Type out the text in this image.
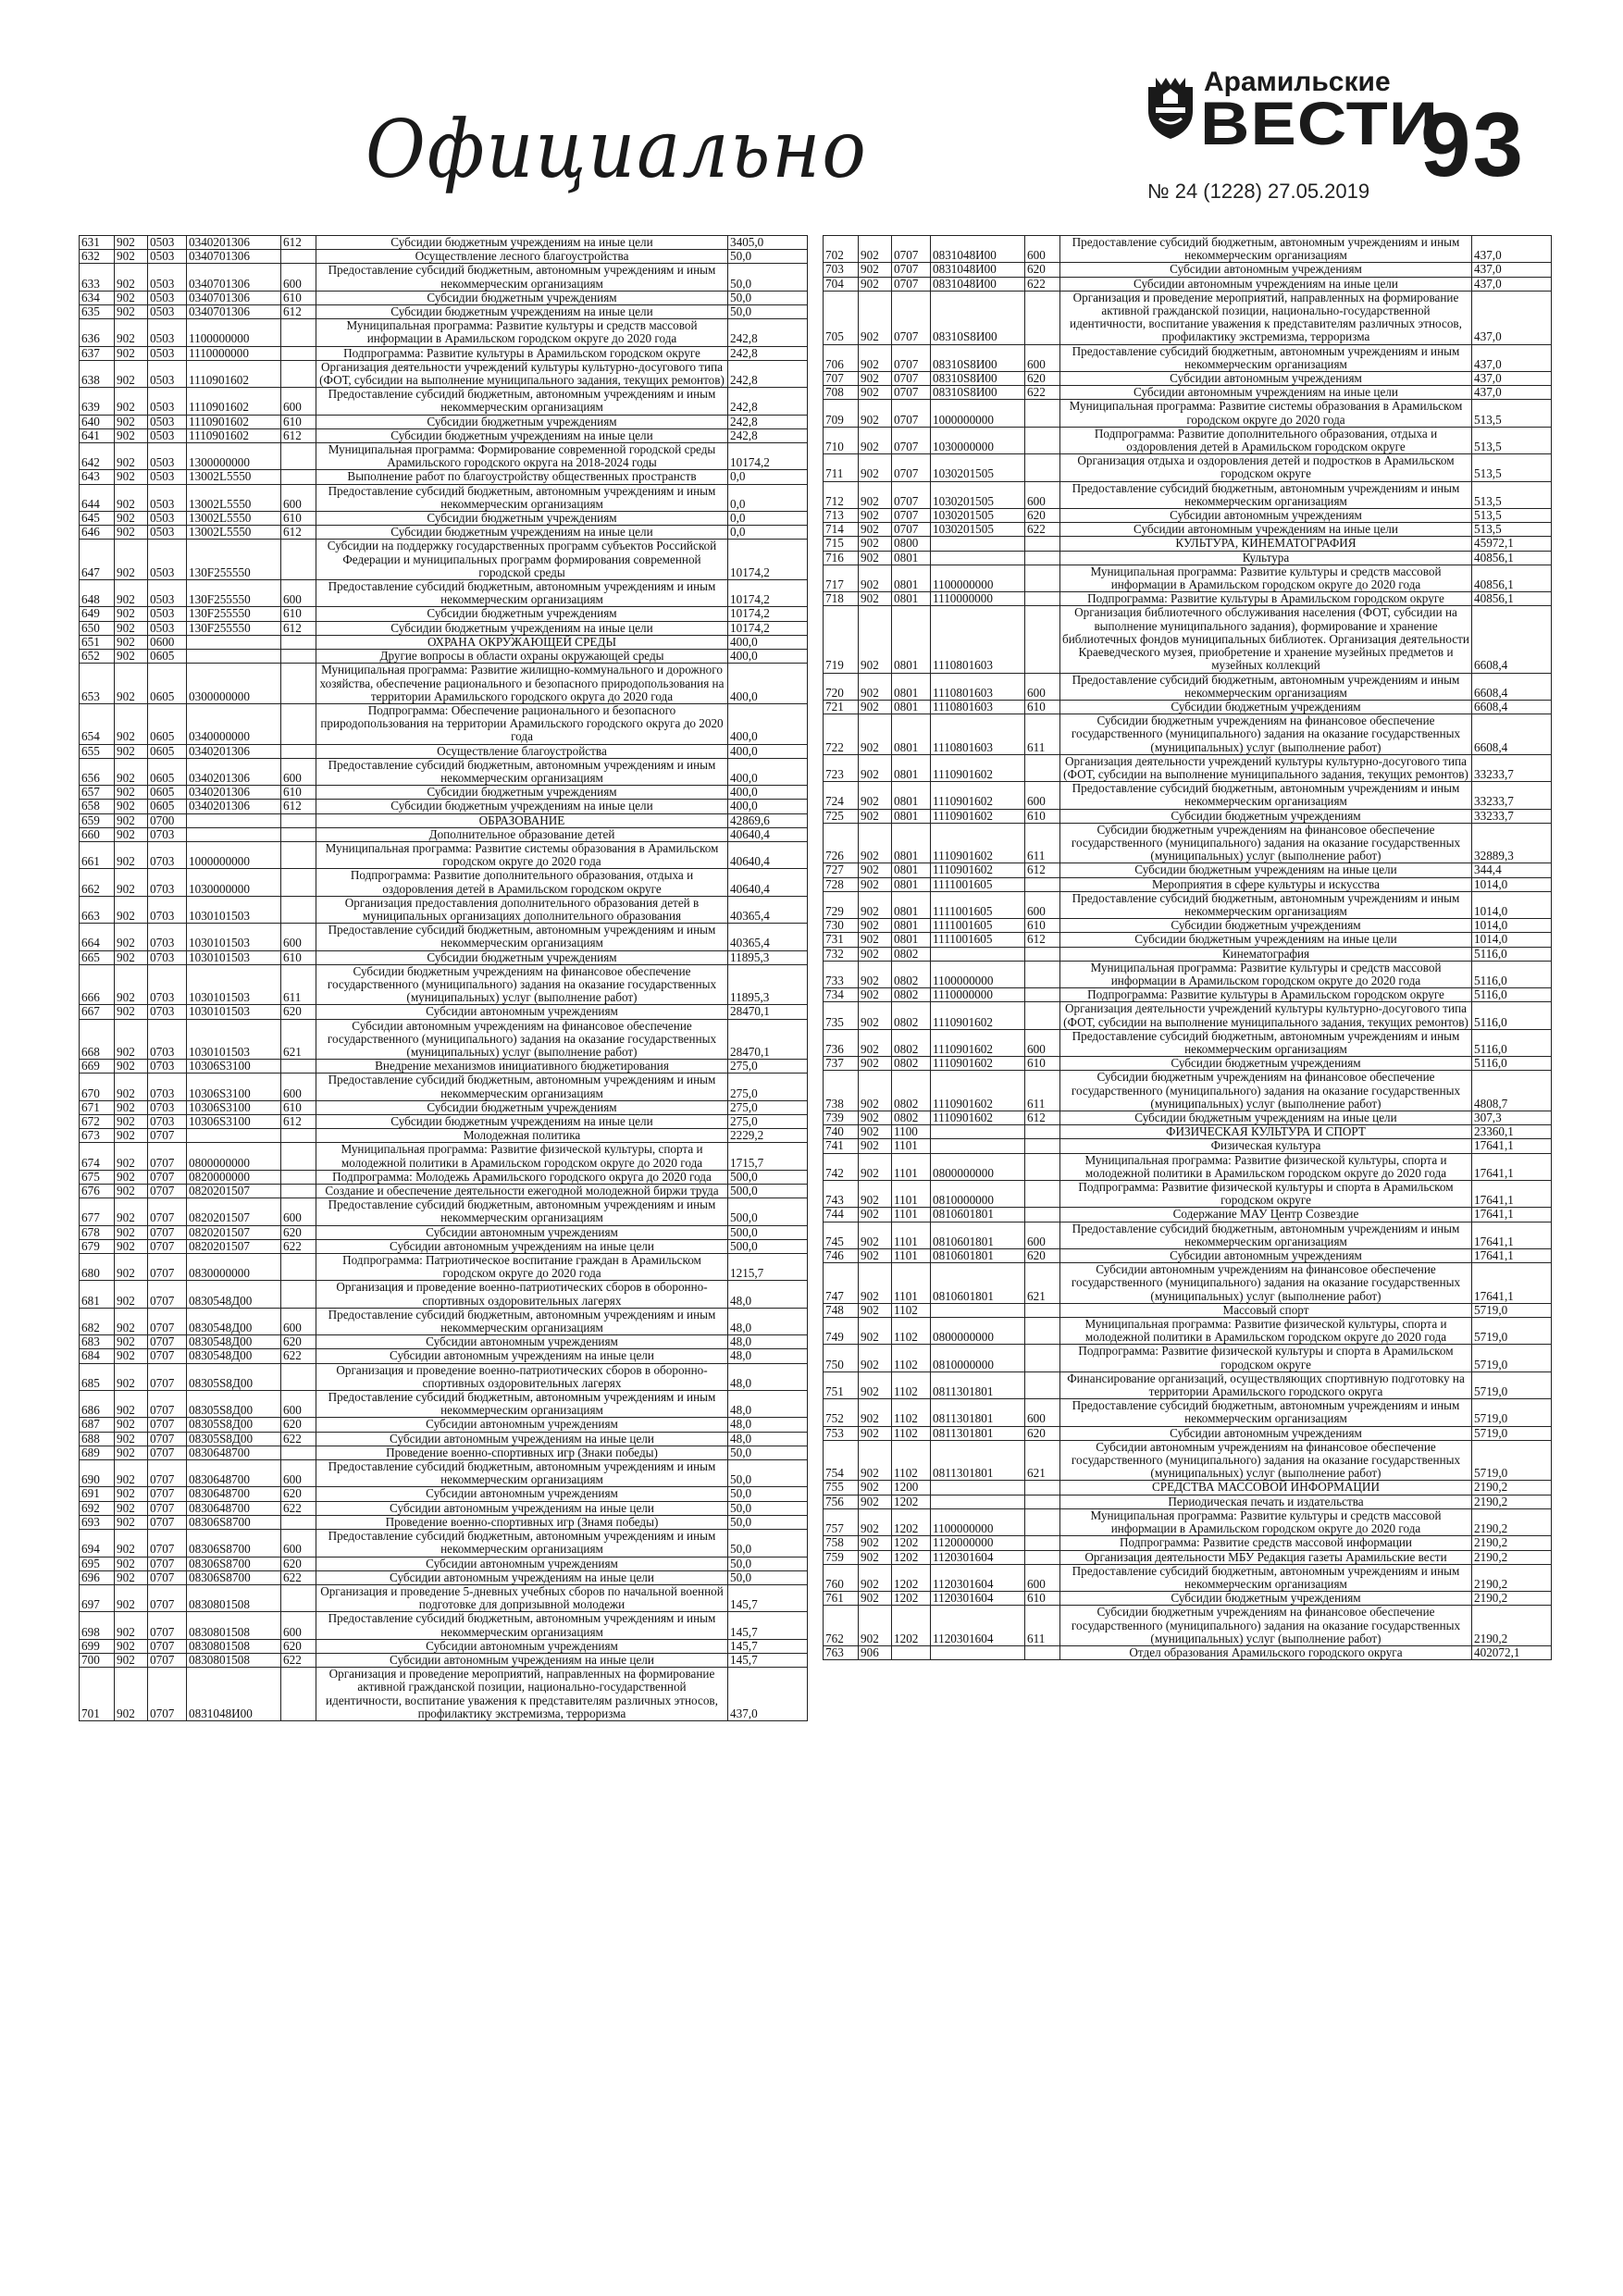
Официально
Арамильские
ВЕСТИ
№ 24 (1228) 27.05.2019 93
631	902	0503	0340201306	612	Субсидии бюджетным учреждениям на иные цели	3405,0
632	902	0503	0340701306		Осуществление лесного благоустройства	50,0
633	902	0503	0340701306	600	Предоставление субсидий бюджетным, автономным учреждениям и иным некоммерческим организациям	50,0
634	902	0503	0340701306	610	Субсидии бюджетным учреждениям	50,0
635	902	0503	0340701306	612	Субсидии бюджетным учреждениям на иные цели	50,0
636	902	0503	1100000000		Муниципальная программа: Развитие культуры и средств массовой информации в Арамильском городском округе до 2020 года	242,8
637	902	0503	1110000000		Подпрограмма: Развитие культуры в Арамильском городском округе	242,8
638	902	0503	1110901602		Организация деятельности учреждений культуры культурно-досугового типа (ФОТ, субсидии на выполнение муниципального задания, текущих ремонтов)	242,8
639	902	0503	1110901602	600	Предоставление субсидий бюджетным, автономным учреждениям и иным некоммерческим организациям	242,8
640	902	0503	1110901602	610	Субсидии бюджетным учреждениям	242,8
641	902	0503	1110901602	612	Субсидии бюджетным учреждениям на иные цели	242,8
642	902	0503	1300000000		Муниципальная программа: Формирование современной городской среды Арамильского городского округа на 2018-2024 годы	10174,2
643	902	0503	13002L5550		Выполнение работ по благоустройству общественных пространств	0,0
644	902	0503	13002L5550	600	Предоставление субсидий бюджетным, автономным учреждениям и иным некоммерческим организациям	0,0
645	902	0503	13002L5550	610	Субсидии бюджетным учреждениям	0,0
646	902	0503	13002L5550	612	Субсидии бюджетным учреждениям на иные цели	0,0
647	902	0503	130F255550		Субсидии на поддержку государственных программ субъектов Российской Федерации и муниципальных программ формирования современной городской среды	10174,2
648	902	0503	130F255550	600	Предоставление субсидий бюджетным, автономным учреждениям и иным некоммерческим организациям	10174,2
649	902	0503	130F255550	610	Субсидии бюджетным учреждениям	10174,2
650	902	0503	130F255550	612	Субсидии бюджетным учреждениям на иные цели	10174,2
651	902	0600			ОХРАНА ОКРУЖАЮЩЕЙ СРЕДЫ	400,0
652	902	0605			Другие вопросы в области охраны окружающей среды	400,0
653	902	0605	0300000000		Муниципальная программа: Развитие жилищно-коммунального и дорожного хозяйства, обеспечение рационального и безопасного природопользования на территории Арамильского городского округа до 2020 года	400,0
654	902	0605	0340000000		Подпрограмма: Обеспечение рационального и безопасного природопользования на территории Арамильского городского округа до 2020 года	400,0
655	902	0605	0340201306		Осуществление благоустройства	400,0
656	902	0605	0340201306	600	Предоставление субсидий бюджетным, автономным учреждениям и иным некоммерческим организациям	400,0
657	902	0605	0340201306	610	Субсидии бюджетным учреждениям	400,0
658	902	0605	0340201306	612	Субсидии бюджетным учреждениям на иные цели	400,0
659	902	0700			ОБРАЗОВАНИЕ	42869,6
660	902	0703			Дополнительное образование детей	40640,4
661	902	0703	1000000000		Муниципальная программа: Развитие системы образования в Арамильском городском округе до 2020 года	40640,4
662	902	0703	1030000000		Подпрограмма: Развитие дополнительного образования, отдыха и оздоровления детей в Арамильском городском округе	40640,4
663	902	0703	1030101503		Организация предоставления дополнительного образования детей в муниципальных организациях дополнительного образования	40365,4
664	902	0703	1030101503	600	Предоставление субсидий бюджетным, автономным учреждениям и иным некоммерческим организациям	40365,4
665	902	0703	1030101503	610	Субсидии бюджетным учреждениям	11895,3
666	902	0703	1030101503	611	Субсидии бюджетным учреждениям на финансовое обеспечение государственного (муниципального) задания на оказание государственных (муниципальных) услуг (выполнение работ)	11895,3
667	902	0703	1030101503	620	Субсидии автономным учреждениям	28470,1
668	902	0703	1030101503	621	Субсидии автономным учреждениям на финансовое обеспечение государственного (муниципального) задания на оказание государственных (муниципальных) услуг (выполнение работ)	28470,1
669	902	0703	10306S3100		Внедрение механизмов инициативного бюджетирования	275,0
670	902	0703	10306S3100	600	Предоставление субсидий бюджетным, автономным учреждениям и иным некоммерческим организациям	275,0
671	902	0703	10306S3100	610	Субсидии бюджетным учреждениям	275,0
672	902	0703	10306S3100	612	Субсидии бюджетным учреждениям на иные цели	275,0
673	902	0707			Молодежная политика	2229,2
674	902	0707	0800000000		Муниципальная программа: Развитие физической культуры, спорта и молодежной политики в Арамильском городском округе до 2020 года	1715,7
675	902	0707	0820000000		Подпрограмма: Молодежь Арамильского городского округа до 2020 года	500,0
676	902	0707	0820201507		Создание и обеспечение деятельности ежегодной молодежной биржи труда	500,0
677	902	0707	0820201507	600	Предоставление субсидий бюджетным, автономным учреждениям и иным некоммерческим организациям	500,0
678	902	0707	0820201507	620	Субсидии автономным учреждениям	500,0
679	902	0707	0820201507	622	Субсидии автономным учреждениям на иные цели	500,0
680	902	0707	0830000000		Подпрограмма: Патриотическое воспитание граждан в Арамильском городском округе до 2020 года	1215,7
681	902	0707	0830548Д00		Организация и проведение военно-патриотических сборов в оборонно-спортивных оздоровительных лагерях	48,0
682	902	0707	0830548Д00	600	Предоставление субсидий бюджетным, автономным учреждениям и иным некоммерческим организациям	48,0
683	902	0707	0830548Д00	620	Субсидии автономным учреждениям	48,0
684	902	0707	0830548Д00	622	Субсидии автономным учреждениям на иные цели	48,0
685	902	0707	08305S8Д00		Организация и проведение военно-патриотических сборов в оборонно-спортивных оздоровительных лагерях	48,0
686	902	0707	08305S8Д00	600	Предоставление субсидий бюджетным, автономным учреждениям и иным некоммерческим организациям	48,0
687	902	0707	08305S8Д00	620	Субсидии автономным учреждениям	48,0
688	902	0707	08305S8Д00	622	Субсидии автономным учреждениям на иные цели	48,0
689	902	0707	0830648700		Проведение военно-спортивных игр (Знаки победы)	50,0
690	902	0707	0830648700	600	Предоставление субсидий бюджетным, автономным учреждениям и иным некоммерческим организациям	50,0
691	902	0707	0830648700	620	Субсидии автономным учреждениям	50,0
692	902	0707	0830648700	622	Субсидии автономным учреждениям на иные цели	50,0
693	902	0707	08306S8700		Проведение военно-спортивных игр (Знамя победы)	50,0
694	902	0707	08306S8700	600	Предоставление субсидий бюджетным, автономным учреждениям и иным некоммерческим организациям	50,0
695	902	0707	08306S8700	620	Субсидии автономным учреждениям	50,0
696	902	0707	08306S8700	622	Субсидии автономным учреждениям на иные цели	50,0
697	902	0707	0830801508		Организация и проведение 5-дневных учебных сборов по начальной военной подготовке для допризывной молодежи	145,7
698	902	0707	0830801508	600	Предоставление субсидий бюджетным, автономным учреждениям и иным некоммерческим организациям	145,7
699	902	0707	0830801508	620	Субсидии автономным учреждениям	145,7
700	902	0707	0830801508	622	Субсидии автономным учреждениям на иные цели	145,7
701	902	0707	0831048И00		Организация и проведение мероприятий, направленных на формирование активной гражданской позиции, национально-государственной идентичности, воспитание уважения к представителям различных этносов, профилактику экстремизма, терроризма	437,0
702	902	0707	0831048И00	600	Предоставление субсидий бюджетным, автономным учреждениям и иным некоммерческим организациям	437,0
703	902	0707	0831048И00	620	Субсидии автономным учреждениям	437,0
704	902	0707	0831048И00	622	Субсидии автономным учреждениям на иные цели	437,0
705	902	0707	08310S8И00		Организация и проведение мероприятий, направленных на формирование активной гражданской позиции, национально-государственной идентичности, воспитание уважения к представителям различных этносов, профилактику экстремизма, терроризма	437,0
706	902	0707	08310S8И00	600	Предоставление субсидий бюджетным, автономным учреждениям и иным некоммерческим организациям	437,0
707	902	0707	08310S8И00	620	Субсидии автономным учреждениям	437,0
708	902	0707	08310S8И00	622	Субсидии автономным учреждениям на иные цели	437,0
709	902	0707	1000000000		Муниципальная программа: Развитие системы образования в Арамильском городском округе до 2020 года	513,5
710	902	0707	1030000000		Подпрограмма: Развитие дополнительного образования, отдыха и оздоровления детей в Арамильском городском округе	513,5
711	902	0707	1030201505		Организация отдыха и оздоровления детей и подростков в Арамильском городском округе	513,5
712	902	0707	1030201505	600	Предоставление субсидий бюджетным, автономным учреждениям и иным некоммерческим организациям	513,5
713	902	0707	1030201505	620	Субсидии автономным учреждениям	513,5
714	902	0707	1030201505	622	Субсидии автономным учреждениям на иные цели	513,5
715	902	0800			КУЛЬТУРА, КИНЕМАТОГРАФИЯ	45972,1
716	902	0801			Культура	40856,1
717	902	0801	1100000000		Муниципальная программа: Развитие культуры и средств массовой информации в Арамильском городском округе до 2020 года	40856,1
718	902	0801	1110000000		Подпрограмма: Развитие культуры в Арамильском городском округе	40856,1
719	902	0801	1110801603		Организация библиотечного обслуживания населения (ФОТ, субсидии на выполнение муниципального задания), формирование и хранение библиотечных фондов муниципальных библиотек. Организация деятельности Краеведческого музея, приобретение и хранение музейных предметов и музейных коллекций	6608,4
720	902	0801	1110801603	600	Предоставление субсидий бюджетным, автономным учреждениям и иным некоммерческим организациям	6608,4
721	902	0801	1110801603	610	Субсидии бюджетным учреждениям	6608,4
722	902	0801	1110801603	611	Субсидии бюджетным учреждениям на финансовое обеспечение государственного (муниципального) задания на оказание государственных (муниципальных) услуг (выполнение работ)	6608,4
723	902	0801	1110901602		Организация деятельности учреждений культуры культурно-досугового типа (ФОТ, субсидии на выполнение муниципального задания, текущих ремонтов)	33233,7
724	902	0801	1110901602	600	Предоставление субсидий бюджетным, автономным учреждениям и иным некоммерческим организациям	33233,7
725	902	0801	1110901602	610	Субсидии бюджетным учреждениям	33233,7
726	902	0801	1110901602	611	Субсидии бюджетным учреждениям на финансовое обеспечение государственного (муниципального) задания на оказание государственных (муниципальных) услуг (выполнение работ)	32889,3
727	902	0801	1110901602	612	Субсидии бюджетным учреждениям на иные цели	344,4
728	902	0801	1111001605		Мероприятия в сфере культуры и искусства	1014,0
729	902	0801	1111001605	600	Предоставление субсидий бюджетным, автономным учреждениям и иным некоммерческим организациям	1014,0
730	902	0801	1111001605	610	Субсидии бюджетным учреждениям	1014,0
731	902	0801	1111001605	612	Субсидии бюджетным учреждениям на иные цели	1014,0
732	902	0802			Кинематография	5116,0
733	902	0802	1100000000		Муниципальная программа: Развитие культуры и средств массовой информации в Арамильском городском округе до 2020 года	5116,0
734	902	0802	1110000000		Подпрограмма: Развитие культуры в Арамильском городском округе	5116,0
735	902	0802	1110901602		Организация деятельности учреждений культуры культурно-досугового типа (ФОТ, субсидии на выполнение муниципального задания, текущих ремонтов)	5116,0
736	902	0802	1110901602	600	Предоставление субсидий бюджетным, автономным учреждениям и иным некоммерческим организациям	5116,0
737	902	0802	1110901602	610	Субсидии бюджетным учреждениям	5116,0
738	902	0802	1110901602	611	Субсидии бюджетным учреждениям на финансовое обеспечение государственного (муниципального) задания на оказание государственных (муниципальных) услуг (выполнение работ)	4808,7
739	902	0802	1110901602	612	Субсидии бюджетным учреждениям на иные цели	307,3
740	902	1100			ФИЗИЧЕСКАЯ КУЛЬТУРА И СПОРТ	23360,1
741	902	1101			Физическая культура	17641,1
742	902	1101	0800000000		Муниципальная программа: Развитие физической культуры, спорта и молодежной политики в Арамильском городском округе до 2020 года	17641,1
743	902	1101	0810000000		Подпрограмма: Развитие физической культуры и спорта в Арамильском городском округе	17641,1
744	902	1101	0810601801		Содержание МАУ Центр Созвездие	17641,1
745	902	1101	0810601801	600	Предоставление субсидий бюджетным, автономным учреждениям и иным некоммерческим организациям	17641,1
746	902	1101	0810601801	620	Субсидии автономным учреждениям	17641,1
747	902	1101	0810601801	621	Субсидии автономным учреждениям на финансовое обеспечение государственного (муниципального) задания на оказание государственных (муниципальных) услуг (выполнение работ)	17641,1
748	902	1102			Массовый спорт	5719,0
749	902	1102	0800000000		Муниципальная программа: Развитие физической культуры, спорта и молодежной политики в Арамильском городском округе до 2020 года	5719,0
750	902	1102	0810000000		Подпрограмма: Развитие физической культуры и спорта в Арамильском городском округе	5719,0
751	902	1102	0811301801		Финансирование организаций, осуществляющих спортивную подготовку на территории Арамильского городского округа	5719,0
752	902	1102	0811301801	600	Предоставление субсидий бюджетным, автономным учреждениям и иным некоммерческим организациям	5719,0
753	902	1102	0811301801	620	Субсидии автономным учреждениям	5719,0
754	902	1102	0811301801	621	Субсидии автономным учреждениям на финансовое обеспечение государственного (муниципального) задания на оказание государственных (муниципальных) услуг (выполнение работ)	5719,0
755	902	1200			СРЕДСТВА МАССОВОЙ ИНФОРМАЦИИ	2190,2
756	902	1202			Периодическая печать и издательства	2190,2
757	902	1202	1100000000		Муниципальная программа: Развитие культуры и средств массовой информации в Арамильском городском округе до 2020 года	2190,2
758	902	1202	1120000000		Подпрограмма: Развитие средств массовой информации	2190,2
759	902	1202	1120301604		Организация деятельности МБУ Редакция газеты Арамильские вести	2190,2
760	902	1202	1120301604	600	Предоставление субсидий бюджетным, автономным учреждениям и иным некоммерческим организациям	2190,2
761	902	1202	1120301604	610	Субсидии бюджетным учреждениям	2190,2
762	902	1202	1120301604	611	Субсидии бюджетным учреждениям на финансовое обеспечение государственного (муниципального) задания на оказание государственных (муниципальных) услуг (выполнение работ)	2190,2
763	906				Отдел образования Арамильского городского округа	402072,1
